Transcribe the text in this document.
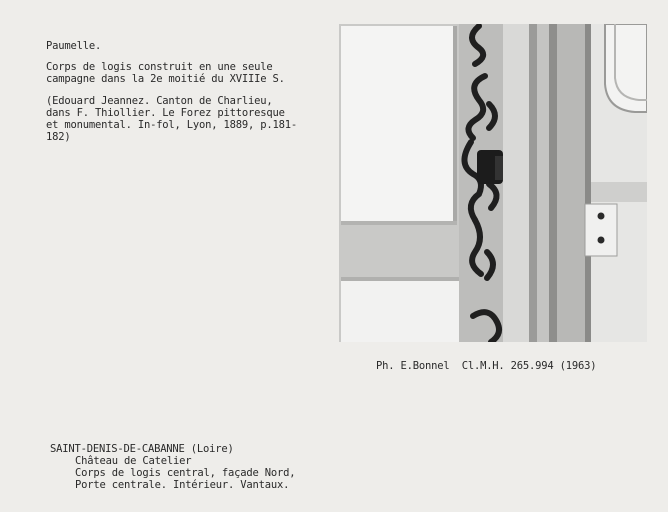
Paumelle.
Corps de logis construit en une seule
campagne dans la 2e moitié du XVIIIe S.
(Edouard Jeannez. Canton de Charlieu,
dans F. Thiollier. Le Forez pittoresque
et monumental. In-fol, Lyon, 1889, p.181-
182)
Ph. E.Bonnel  Cl.M.H. 265.994 (1963)
SAINT-DENIS-DE-CABANNE (Loire)
Château de Catelier
Corps de logis central, façade Nord,
Porte centrale. Intérieur. Vantaux.
